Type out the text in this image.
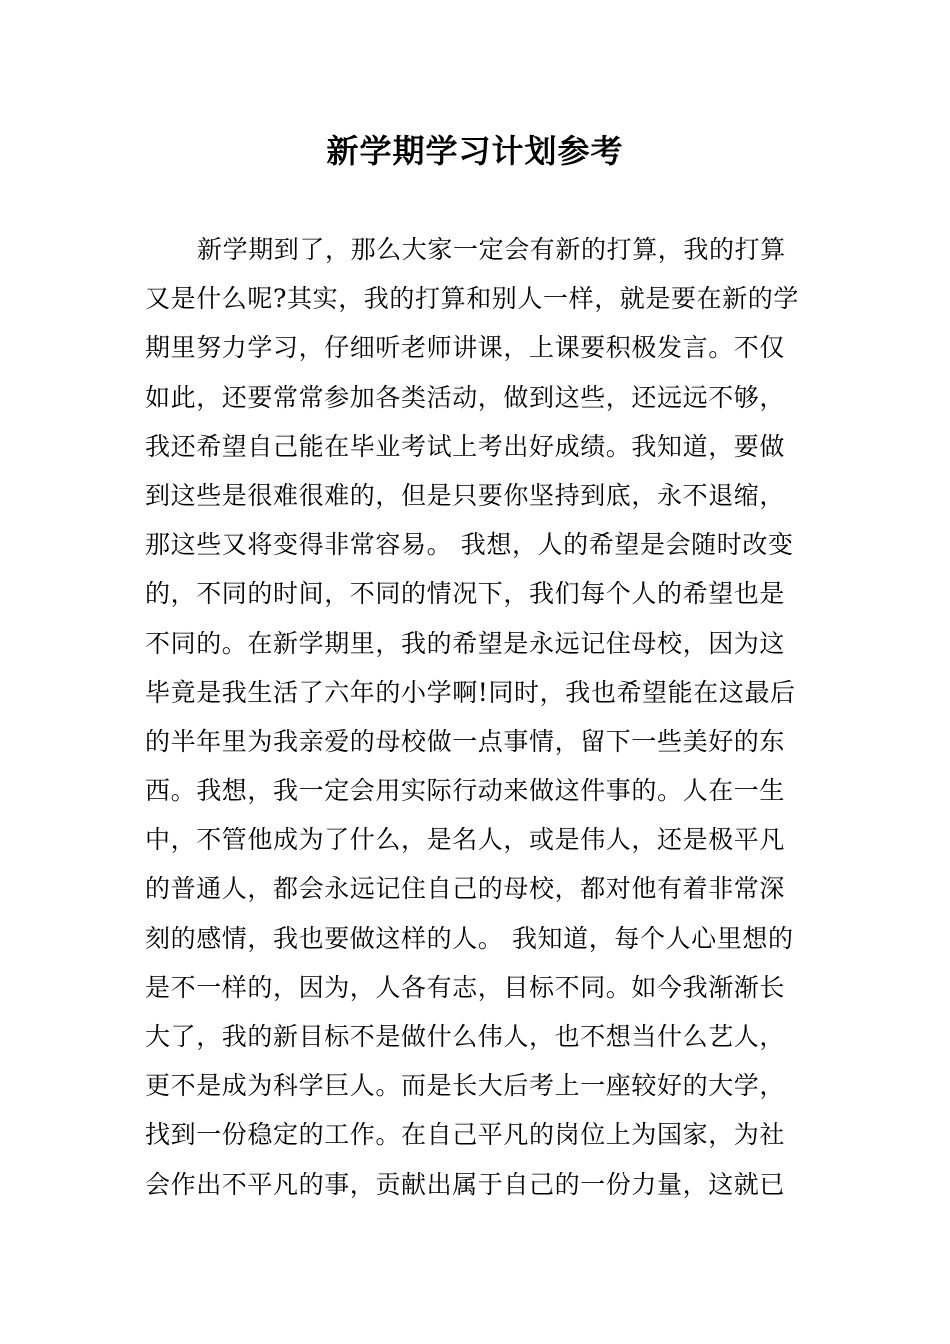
新学期学习计划参考
新学期到了，那么大家一定会有新的打算，我的打算
又是什么呢?其实，我的打算和别人一样，就是要在新的学
期里努力学习，仔细听老师讲课，上课要积极发言。不仅
如此，还要常常参加各类活动，做到这些，还远远不够，
我还希望自己能在毕业考试上考出好成绩。我知道，要做
到这些是很难很难的，但是只要你坚持到底，永不退缩，
那这些又将变得非常容易。 我想，人的希望是会随时改变
的，不同的时间，不同的情况下，我们每个人的希望也是
不同的。在新学期里，我的希望是永远记住母校，因为这
毕竟是我生活了六年的小学啊!同时，我也希望能在这最后
的半年里为我亲爱的母校做一点事情，留下一些美好的东
西。我想，我一定会用实际行动来做这件事的。人在一生
中，不管他成为了什么，是名人，或是伟人，还是极平凡
的普通人，都会永远记住自己的母校，都对他有着非常深
刻的感情，我也要做这样的人。 我知道，每个人心里想的
是不一样的，因为，人各有志，目标不同。如今我渐渐长
大了，我的新目标不是做什么伟人，也不想当什么艺人，
更不是成为科学巨人。而是长大后考上一座较好的大学，
找到一份稳定的工作。在自己平凡的岗位上为国家，为社
会作出不平凡的事，贡献出属于自己的一份力量，这就已
